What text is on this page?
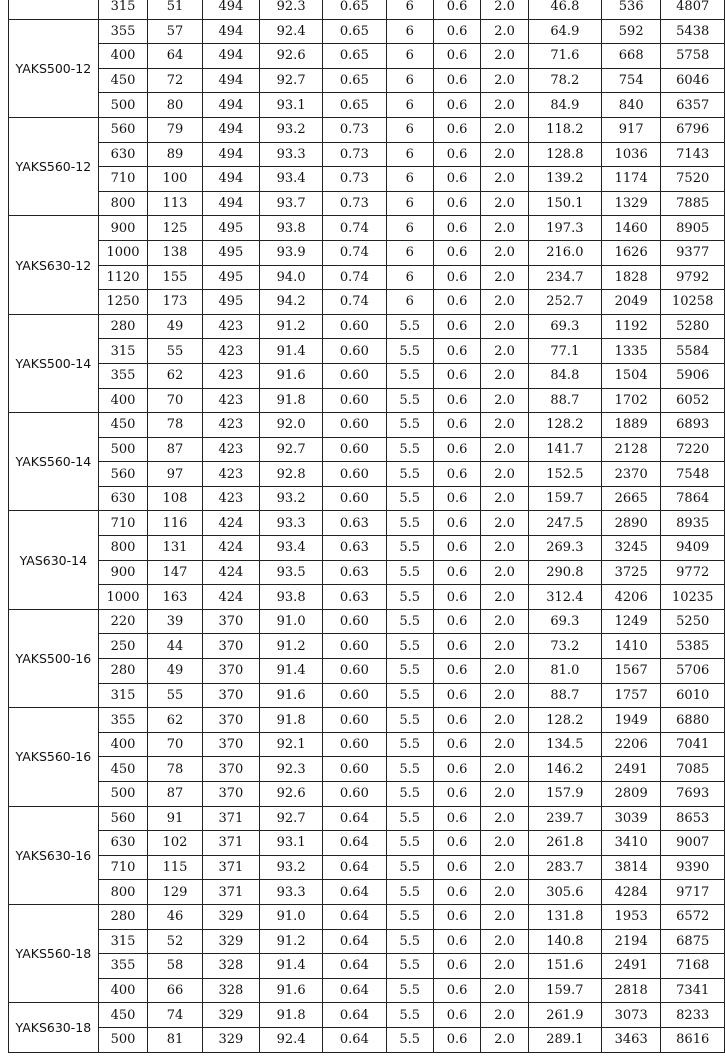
	315	51	494	92.3	0.65	6	0.6	2.0	46.8	536	4807
YAKS500-12	355	57	494	92.4	0.65	6	0.6	2.0	64.9	592	5438
	400	64	494	92.6	0.65	6	0.6	2.0	71.6	668	5758
	450	72	494	92.7	0.65	6	0.6	2.0	78.2	754	6046
	500	80	494	93.1	0.65	6	0.6	2.0	84.9	840	6357
YAKS560-12	560	79	494	93.2	0.73	6	0.6	2.0	118.2	917	6796
	630	89	494	93.3	0.73	6	0.6	2.0	128.8	1036	7143
	710	100	494	93.4	0.73	6	0.6	2.0	139.2	1174	7520
	800	113	494	93.7	0.73	6	0.6	2.0	150.1	1329	7885
YAKS630-12	900	125	495	93.8	0.74	6	0.6	2.0	197.3	1460	8905
	1000	138	495	93.9	0.74	6	0.6	2.0	216.0	1626	9377
	1120	155	495	94.0	0.74	6	0.6	2.0	234.7	1828	9792
	1250	173	495	94.2	0.74	6	0.6	2.0	252.7	2049	10258
YAKS500-14	280	49	423	91.2	0.60	5.5	0.6	2.0	69.3	1192	5280
	315	55	423	91.4	0.60	5.5	0.6	2.0	77.1	1335	5584
	355	62	423	91.6	0.60	5.5	0.6	2.0	84.8	1504	5906
	400	70	423	91.8	0.60	5.5	0.6	2.0	88.7	1702	6052
YAKS560-14	450	78	423	92.0	0.60	5.5	0.6	2.0	128.2	1889	6893
	500	87	423	92.7	0.60	5.5	0.6	2.0	141.7	2128	7220
	560	97	423	92.8	0.60	5.5	0.6	2.0	152.5	2370	7548
	630	108	423	93.2	0.60	5.5	0.6	2.0	159.7	2665	7864
YAS630-14	710	116	424	93.3	0.63	5.5	0.6	2.0	247.5	2890	8935
	800	131	424	93.4	0.63	5.5	0.6	2.0	269.3	3245	9409
	900	147	424	93.5	0.63	5.5	0.6	2.0	290.8	3725	9772
	1000	163	424	93.8	0.63	5.5	0.6	2.0	312.4	4206	10235
YAKS500-16	220	39	370	91.0	0.60	5.5	0.6	2.0	69.3	1249	5250
	250	44	370	91.2	0.60	5.5	0.6	2.0	73.2	1410	5385
	280	49	370	91.4	0.60	5.5	0.6	2.0	81.0	1567	5706
	315	55	370	91.6	0.60	5.5	0.6	2.0	88.7	1757	6010
YAKS560-16	355	62	370	91.8	0.60	5.5	0.6	2.0	128.2	1949	6880
	400	70	370	92.1	0.60	5.5	0.6	2.0	134.5	2206	7041
	450	78	370	92.3	0.60	5.5	0.6	2.0	146.2	2491	7085
	500	87	370	92.6	0.60	5.5	0.6	2.0	157.9	2809	7693
YAKS630-16	560	91	371	92.7	0.64	5.5	0.6	2.0	239.7	3039	8653
	630	102	371	93.1	0.64	5.5	0.6	2.0	261.8	3410	9007
	710	115	371	93.2	0.64	5.5	0.6	2.0	283.7	3814	9390
	800	129	371	93.3	0.64	5.5	0.6	2.0	305.6	4284	9717
YAKS560-18	280	46	329	91.0	0.64	5.5	0.6	2.0	131.8	1953	6572
	315	52	329	91.2	0.64	5.5	0.6	2.0	140.8	2194	6875
	355	58	328	91.4	0.64	5.5	0.6	2.0	151.6	2491	7168
	400	66	328	91.6	0.64	5.5	0.6	2.0	159.7	2818	7341
YAKS630-18	450	74	329	91.8	0.64	5.5	0.6	2.0	261.9	3073	8233
	500	81	329	92.4	0.64	5.5	0.6	2.0	289.1	3463	8616
